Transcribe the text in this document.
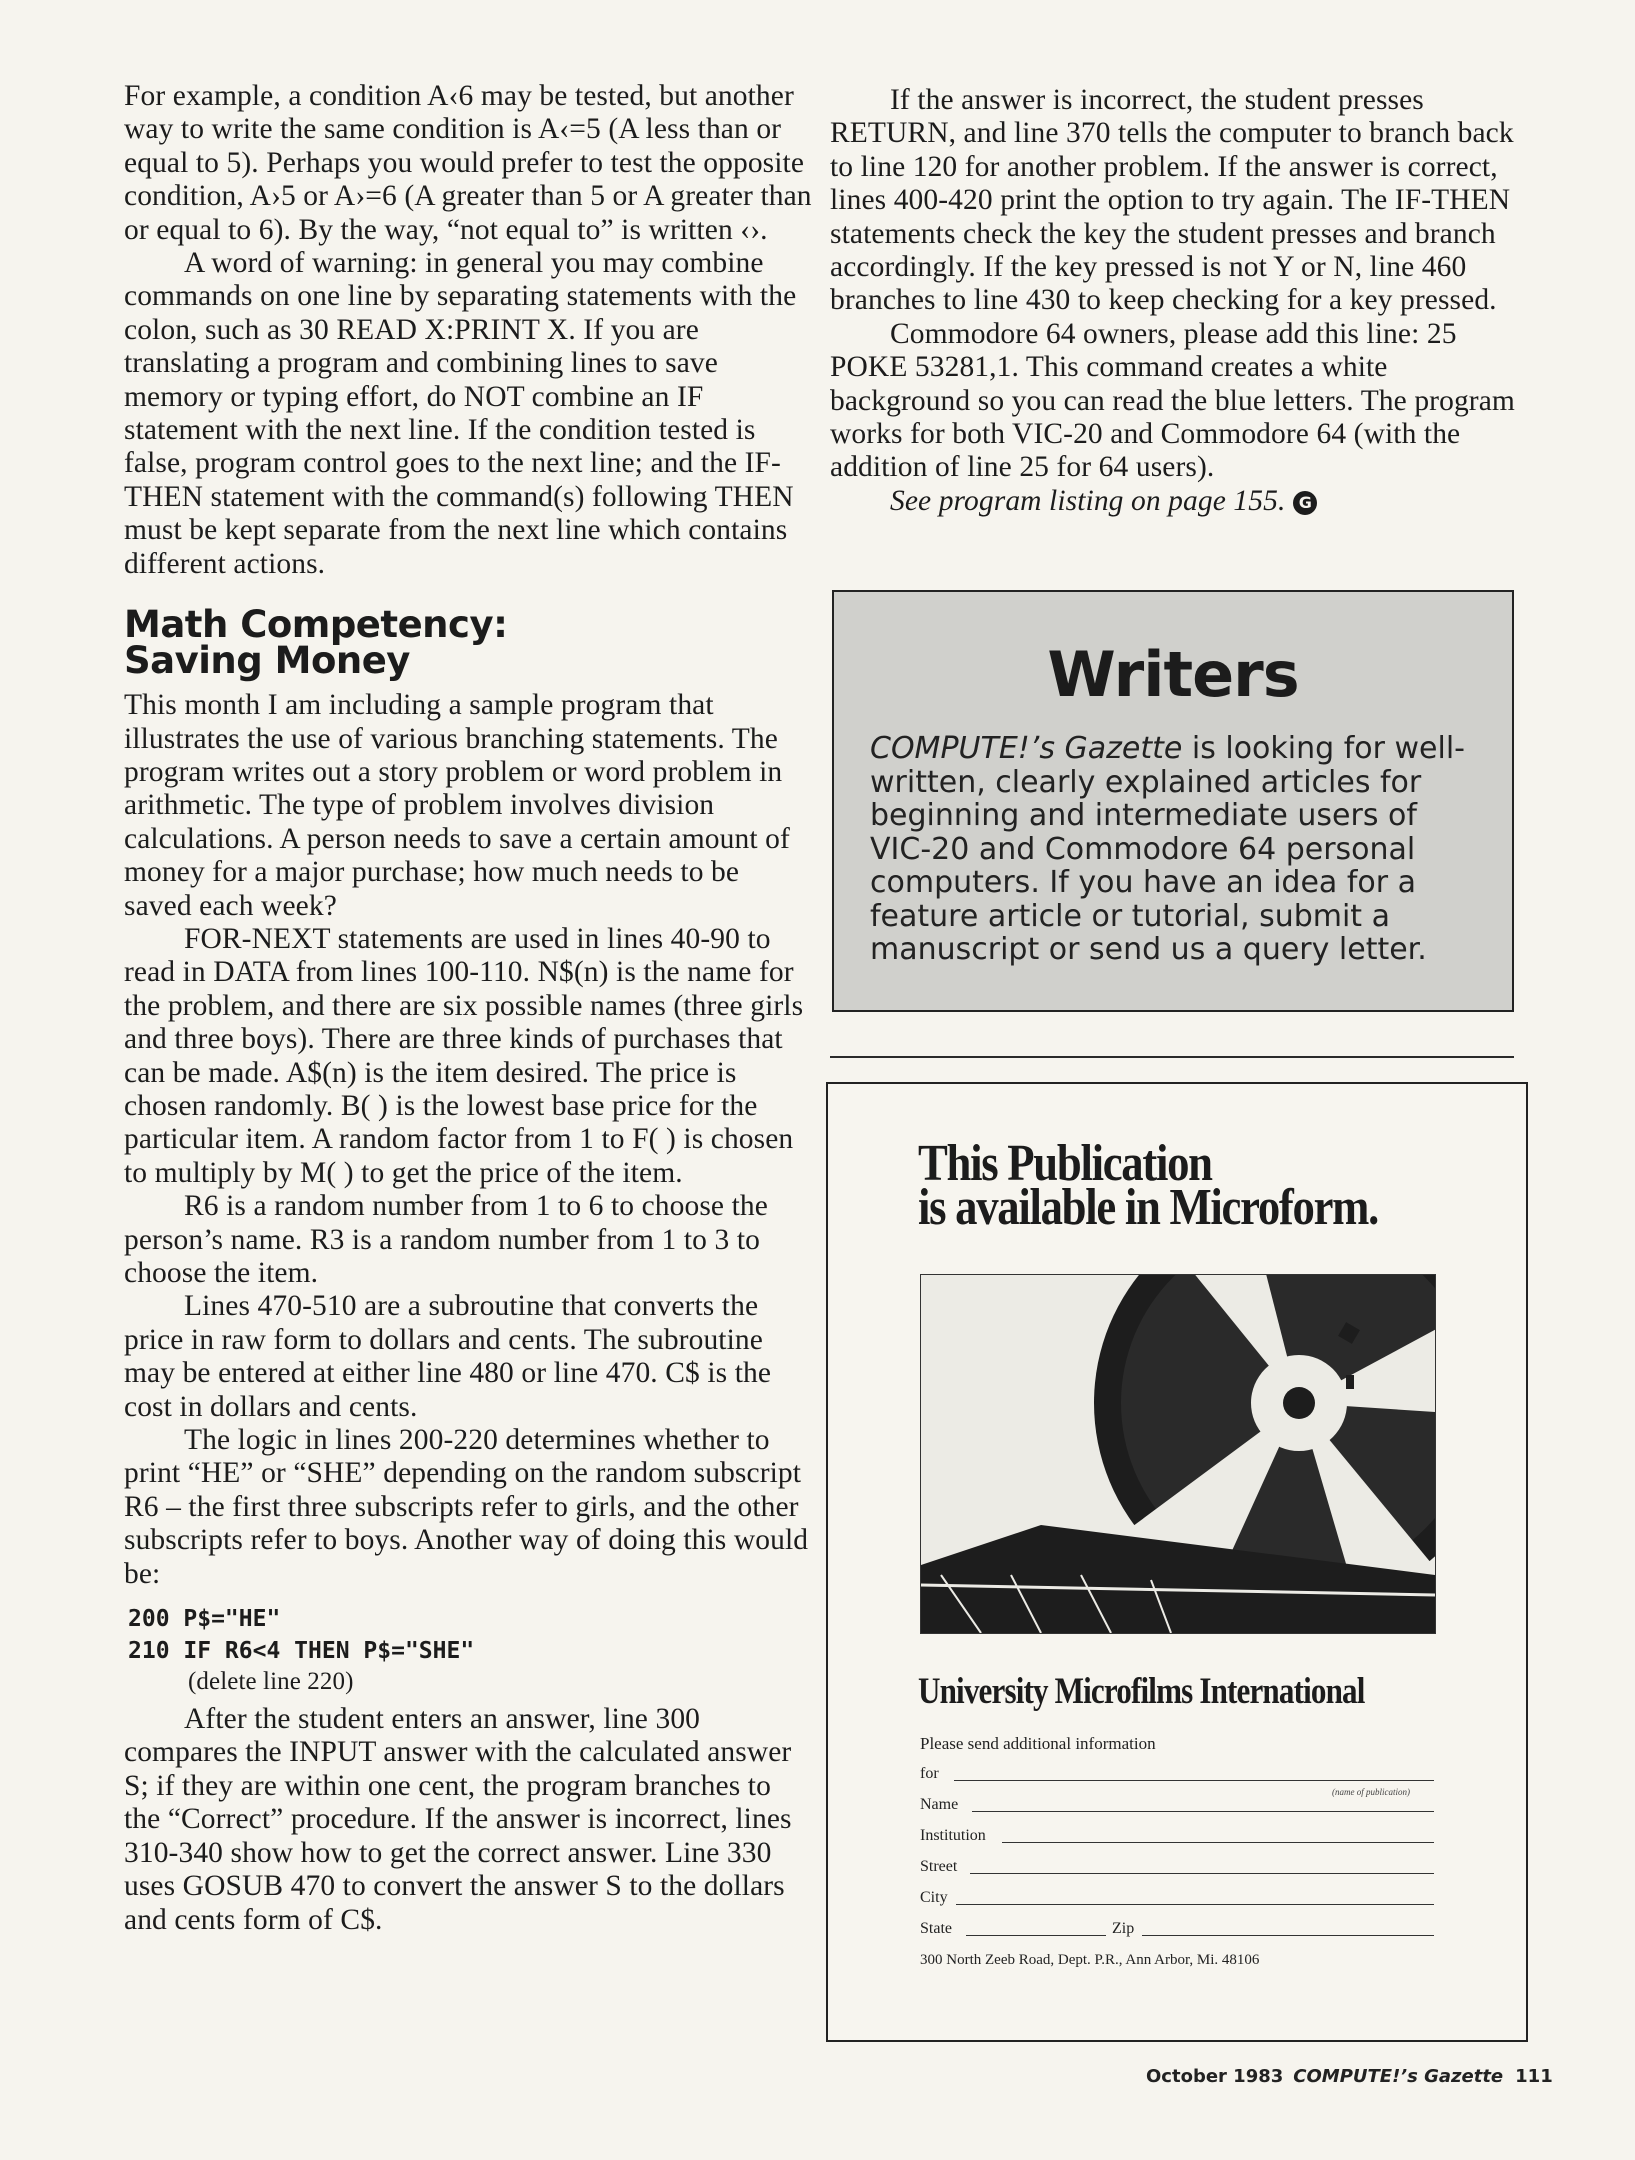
For example, a condition A‹6 may be tested, but another way to write the same condition is A‹=5 (A less than or equal to 5). Perhaps you would prefer to test the opposite condition, A›5 or A›=6 (A greater than 5 or A greater than or equal to 6). By the way, “not equal to” is written ‹›.

A word of warning: in general you may combine commands on one line by separating statements with the colon, such as 30 READ X:PRINT X. If you are translating a program and combining lines to save memory or typing effort, do NOT combine an IF statement with the next line. If the condition tested is false, program control goes to the next line; and the IF-THEN statement with the command(s) following THEN must be kept separate from the next line which contains different actions.

Math Competency:
Saving Money

This month I am including a sample program that illustrates the use of various branching statements. The program writes out a story problem or word problem in arithmetic. The type of problem involves division calculations. A person needs to save a certain amount of money for a major purchase; how much needs to be saved each week?

FOR-NEXT statements are used in lines 40-90 to read in DATA from lines 100-110. N$(n) is the name for the problem, and there are six possible names (three girls and three boys). There are three kinds of purchases that can be made. A$(n) is the item desired. The price is chosen randomly. B( ) is the lowest base price for the particular item. A random factor from 1 to F( ) is chosen to multiply by M( ) to get the price of the item.

R6 is a random number from 1 to 6 to choose the person’s name. R3 is a random number from 1 to 3 to choose the item.

Lines 470-510 are a subroutine that converts the price in raw form to dollars and cents. The subroutine may be entered at either line 480 or line 470. C$ is the cost in dollars and cents.

The logic in lines 200-220 determines whether to print “HE” or “SHE” depending on the random subscript R6 – the first three subscripts refer to girls, and the other subscripts refer to boys. Another way of doing this would be:

200 P$="HE"
210 IF R6<4 THEN P$="SHE"

(delete line 220)

After the student enters an answer, line 300 compares the INPUT answer with the calculated answer S; if they are within one cent, the program branches to the “Correct” procedure. If the answer is incorrect, lines 310-340 show how to get the correct answer. Line 330 uses GOSUB 470 to convert the answer S to the dollars and cents form of C$.

If the answer is incorrect, the student presses RETURN, and line 370 tells the computer to branch back to line 120 for another problem. If the answer is correct, lines 400-420 print the option to try again. The IF-THEN statements check the key the student presses and branch accordingly. If the key pressed is not Y or N, line 460 branches to line 430 to keep checking for a key pressed.

Commodore 64 owners, please add this line: 25 POKE 53281,1. This command creates a white background so you can read the blue letters. The program works for both VIC-20 and Commodore 64 (with the addition of line 25 for 64 users).

See program listing on page 155. G

Writers
COMPUTE!’s Gazette is looking for well-written, clearly explained articles for beginning and intermediate users of VIC-20 and Commodore 64 personal computers. If you have an idea for a feature article or tutorial, submit a manuscript or send us a query letter.
This Publication
is available in Microform.
University Microfilms International
Please send additional information
for
(name of publication)
Name
Institution
Street
City
State	Zip
300 North Zeeb Road, Dept. P.R., Ann Arbor, Mi. 48106
October 1983 COMPUTE!’s Gazette 111
